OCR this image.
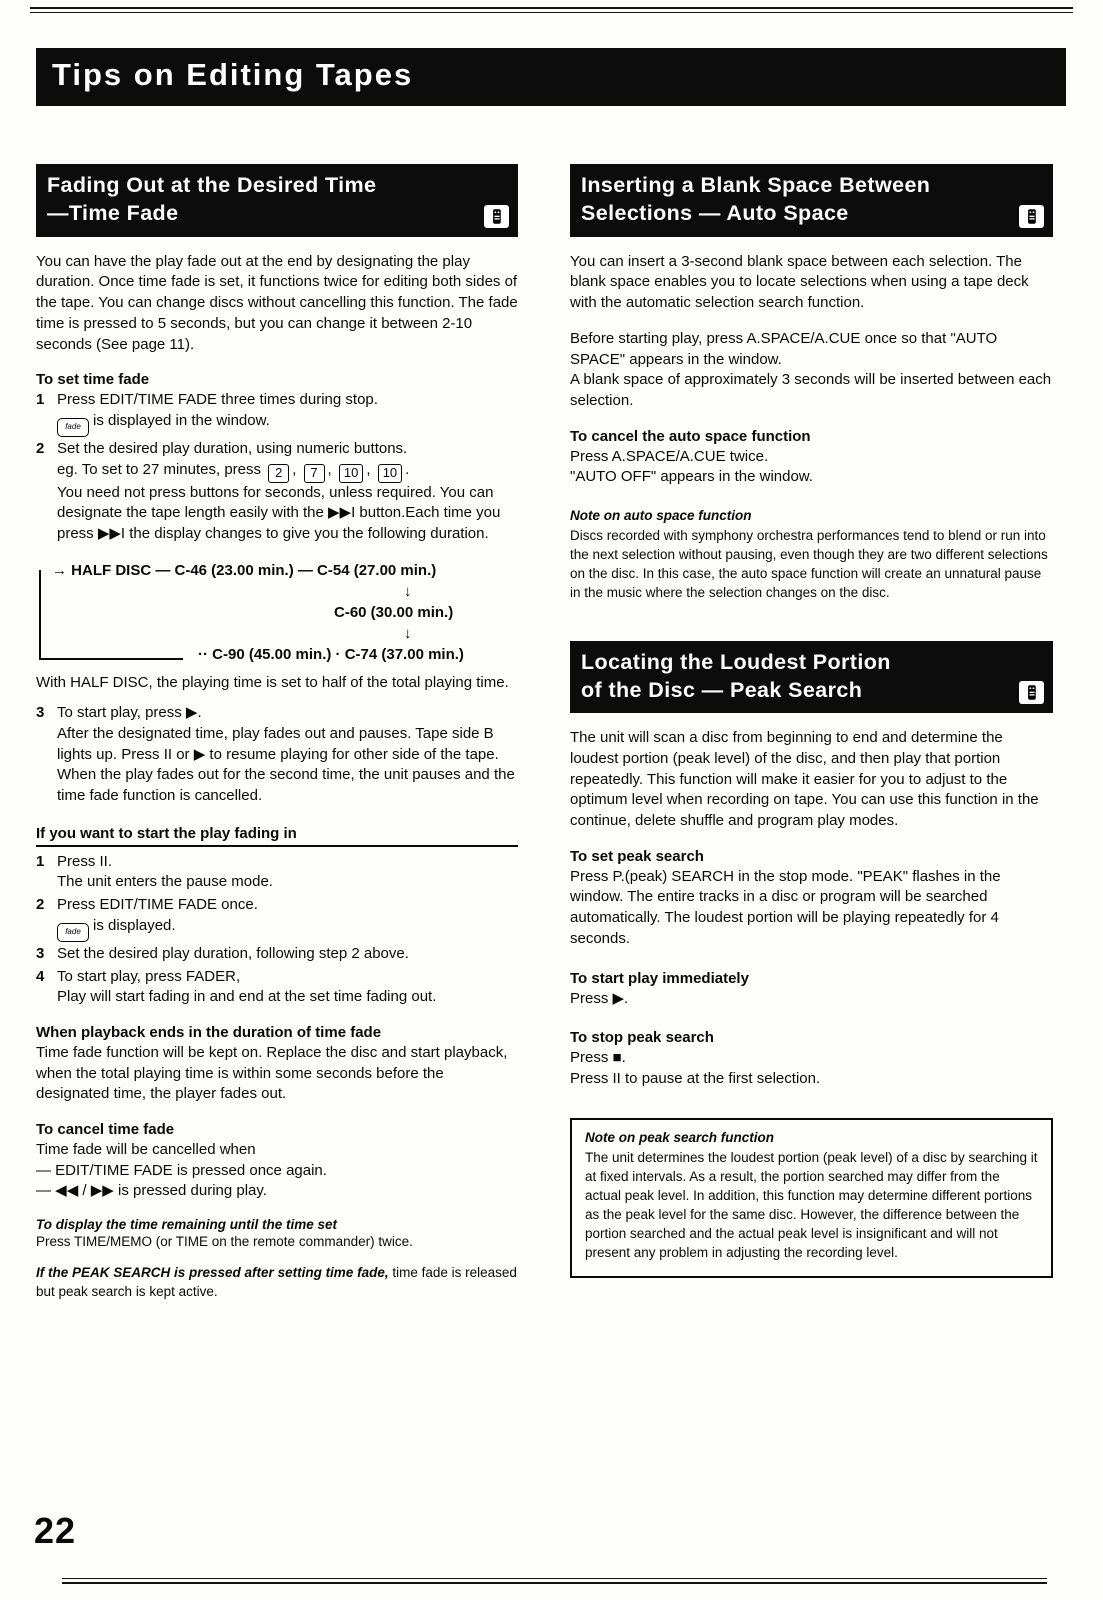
Tips on Editing Tapes
Fading Out at the Desired Time
—Time Fade

You can have the play fade out at the end by designating the play duration. Once time fade is set, it functions twice for editing both sides of the tape. You can change discs without cancelling this function. The fade time is pressed to 5 seconds, but you can change it between 2-10 seconds (See page 11).

To set time fade
1 Press EDIT/TIME FADE three times during stop.
fade is displayed in the window.
2 Set the desired play duration, using numeric buttons.
eg. To set to 27 minutes, press 2 , 7 , 10 , 10 .
You need not press buttons for seconds, unless required. You can designate the tape length easily with the ▶▶I button.Each time you press ▶▶I the display changes to give you the following duration.
→ HALF DISC — C-46 (23.00 min.) — C-54 (27.00 min.)
↓
C-60 (30.00 min.)
↓
·· C-90 (45.00 min.) · C-74 (37.00 min.)

With HALF DISC, the playing time is set to half of the total playing time.

3 To start play, press ▶.
After the designated time, play fades out and pauses. Tape side B lights up. Press II or ▶ to resume playing for other side of the tape. When the play fades out for the second time, the unit pauses and the time fade function is cancelled.
If you want to start the play fading in
1 Press II.
The unit enters the pause mode.
2 Press EDIT/TIME FADE once.
fade is displayed.
3 Set the desired play duration, following step 2 above.
4 To start play, press FADER,
Play will start fading in and end at the set time fading out.
When playback ends in the duration of time fade
Time fade function will be kept on. Replace the disc and start playback, when the total playing time is within some seconds before the designated time, the player fades out.
To cancel time fade
Time fade will be cancelled when
— EDIT/TIME FADE is pressed once again.
— ◀◀ / ▶▶ is pressed during play.
To display the time remaining until the time set
Press TIME/MEMO (or TIME on the remote commander) twice.
If the PEAK SEARCH is pressed after setting time fade, time fade is released but peak search is kept active.
Inserting a Blank Space Between
Selections — Auto Space

You can insert a 3-second blank space between each selection. The blank space enables you to locate selections when using a tape deck with the automatic selection search function.

Before starting play, press A.SPACE/A.CUE once so that "AUTO SPACE" appears in the window.

A blank space of approximately 3 seconds will be inserted between each selection.

To cancel the auto space function
Press A.SPACE/A.CUE twice.
"AUTO OFF" appears in the window.
Note on auto space function
Discs recorded with symphony orchestra performances tend to blend or run into the next selection without pausing, even though they are two different selections on the disc. In this case, the auto space function will create an unnatural pause in the music where the selection changes on the disc.
Locating the Loudest Portion
of the Disc — Peak Search

The unit will scan a disc from beginning to end and determine the loudest portion (peak level) of the disc, and then play that portion repeatedly. This function will make it easier for you to adjust to the optimum level when recording on tape. You can use this function in the continue, delete shuffle and program play modes.

To set peak search
Press P.(peak) SEARCH in the stop mode. "PEAK" flashes in the window. The entire tracks in a disc or program will be searched automatically. The loudest portion will be playing repeatedly for 4 seconds.
To start play immediately
Press ▶.
To stop peak search
Press ■.
Press II to pause at the first selection.
Note on peak search function
The unit determines the loudest portion (peak level) of a disc by searching it at fixed intervals. As a result, the portion searched may differ from the actual peak level. In addition, this function may determine different portions as the peak level for the same disc. However, the difference between the portion searched and the actual peak level is insignificant and will not present any problem in adjusting the recording level.
22
